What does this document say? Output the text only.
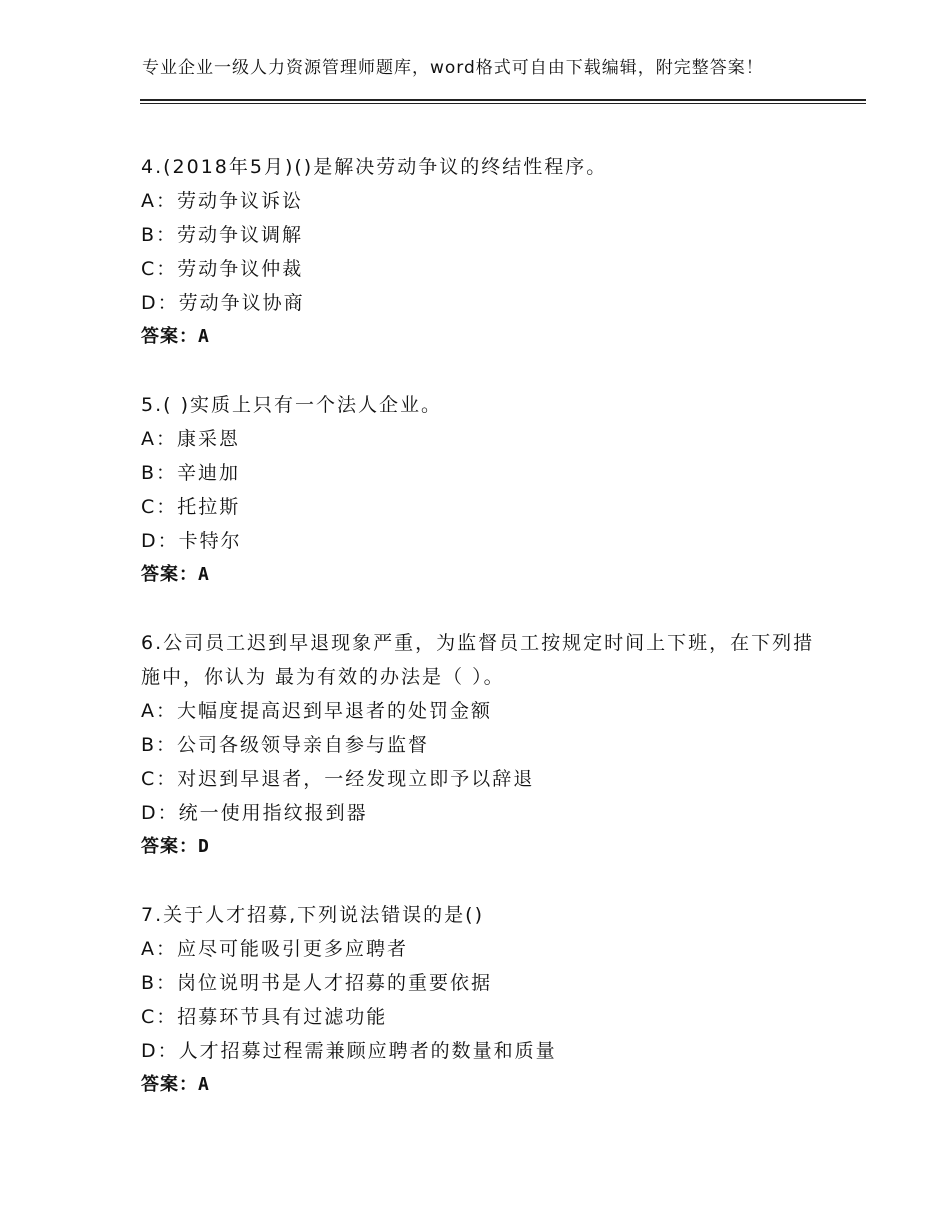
专业企业一级人力资源管理师题库，word格式可自由下载编辑，附完整答案！
4.(2018年5月)()是解决劳动争议的终结性程序。
A：劳动争议诉讼
B：劳动争议调解
C：劳动争议仲裁
D：劳动争议协商
答案：A
5.( )实质上只有一个法人企业。
A：康采恩
B：辛迪加
C：托拉斯
D：卡特尔
答案：A
6.公司员工迟到早退现象严重，为监督员工按规定时间上下班，在下列措施中，你认为 最为有效的办法是（ ）。
A：大幅度提高迟到早退者的处罚金额
B：公司各级领导亲自参与监督
C：对迟到早退者，一经发现立即予以辞退
D：统一使用指纹报到器
答案：D
7.关于人才招募,下列说法错误的是()
A：应尽可能吸引更多应聘者
B：岗位说明书是人才招募的重要依据
C：招募环节具有过滤功能
D：人才招募过程需兼顾应聘者的数量和质量
答案：A
